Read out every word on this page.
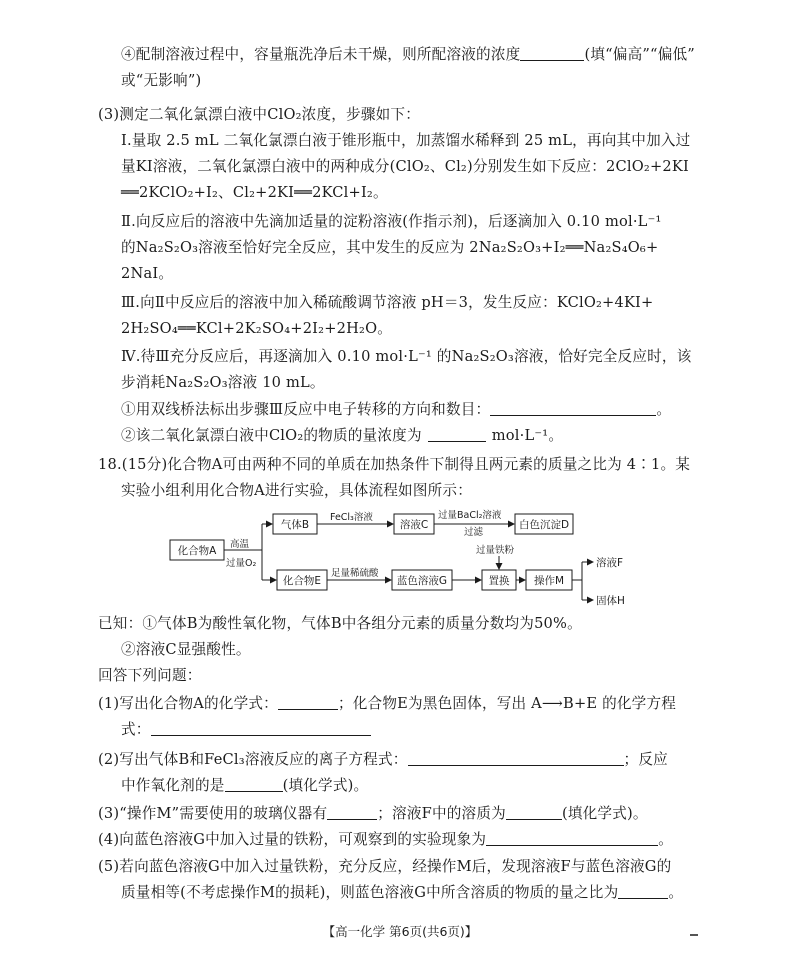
④配制溶液过程中，容量瓶洗净后未干燥，则所配溶液的浓度	(填“偏高”“偏低”
或“无影响”)
(3)测定二氧化氯漂白液中ClO₂浓度，步骤如下：
Ⅰ.量取 2.5 mL 二氧化氯漂白液于锥形瓶中，加蒸馏水稀释到 25 mL，再向其中加入过
量KI溶液，二氧化氯漂白液中的两种成分(ClO₂、Cl₂)分别发生如下反应：2ClO₂+2KI
══2KClO₂+I₂、Cl₂+2KI══2KCl+I₂。
Ⅱ.向反应后的溶液中先滴加适量的淀粉溶液(作指示剂)，后逐滴加入 0.10 mol·L⁻¹
的Na₂S₂O₃溶液至恰好完全反应，其中发生的反应为 2Na₂S₂O₃+I₂══Na₂S₄O₆+
2NaI。
Ⅲ.向Ⅱ中反应后的溶液中加入稀硫酸调节溶液 pH＝3，发生反应：KClO₂+4KI+
2H₂SO₄══KCl+2K₂SO₄+2I₂+2H₂O。
Ⅳ.待Ⅲ充分反应后，再逐滴加入 0.10 mol·L⁻¹ 的Na₂S₂O₃溶液，恰好完全反应时，该
步消耗Na₂S₂O₃溶液 10 mL。
①用双线桥法标出步骤Ⅲ反应中电子转移的方向和数目：	。
②该二氧化氯漂白液中ClO₂的物质的量浓度为	mol·L⁻¹。
18.(15分)化合物A可由两种不同的单质在加热条件下制得且两元素的质量之比为 4∶1。某
实验小组利用化合物A进行实验，具体流程如图所示：
化合物A
气体B	溶液C	白色沉淀D
化合物E	蓝色溶液G	置换 操作M
高温
过量O₂
FeCl₃溶液	过量BaCl₂溶液
过滤
足量稀硫酸
过量铁粉
溶液F
固体H
已知：①气体B为酸性氧化物，气体B中各组分元素的质量分数均为50%。
②溶液C显强酸性。
回答下列问题：
(1)写出化合物A的化学式：	；化合物E为黑色固体，写出 A⟶B+E 的化学方程
式：
(2)写出气体B和FeCl₃溶液反应的离子方程式：	；反应
中作氧化剂的是	(填化学式)。
(3)“操作M”需要使用的玻璃仪器有	；溶液F中的溶质为	(填化学式)。
(4)向蓝色溶液G中加入过量的铁粉，可观察到的实验现象为	。
(5)若向蓝色溶液G中加入过量铁粉，充分反应，经操作M后，发现溶液F与蓝色溶液G的
质量相等(不考虑操作M的损耗)，则蓝色溶液G中所含溶质的物质的量之比为	。
【高一化学 第6页(共6页)】
